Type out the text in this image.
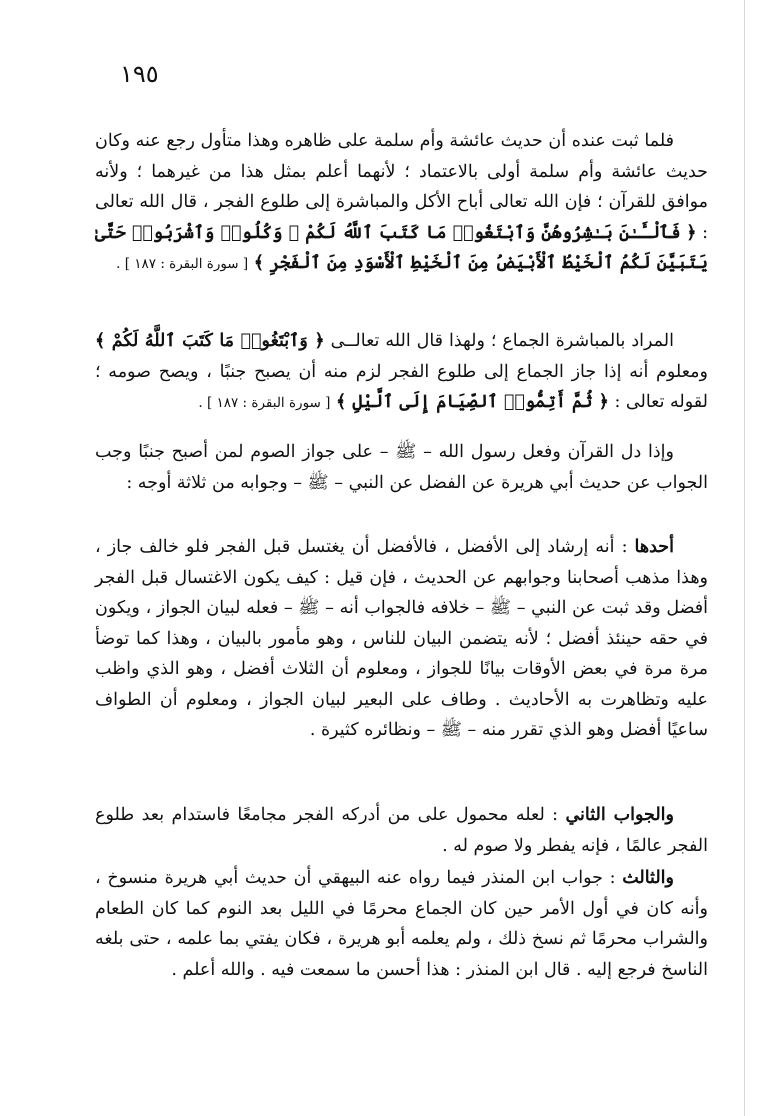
١٩٥

فلما ثبت عنده أن حديث عائشة وأم سلمة على ظاهره وهذا متأول رجع عنه وكان حديث عائشة وأم سلمة أولى بالاعتماد ؛ لأنهما أعلم بمثل هذا من غيرهما ؛ ولأنه موافق للقرآن ؛ فإن الله تعالى أباح الأكل والمباشرة إلى طلوع الفجر ، قال الله تعالى : ﴿ فَٱلْـَٔـٰنَ بَـٰشِرُوهُنَّ وَٱبْتَغُوا۟ مَا كَتَبَ ٱللَّهُ لَكُمْ ۚ وَكُلُوا۟ وَٱشْرَبُوا۟ حَتَّىٰ يَتَبَيَّنَ لَكُمُ ٱلْخَيْطُ ٱلْأَبْيَضُ مِنَ ٱلْخَيْطِ ٱلْأَسْوَدِ مِنَ ٱلْفَجْرِ ﴾ [ سورة البقرة : ١٨٧ ] .

المراد بالمباشرة الجماع ؛ ولهذا قال الله تعالــى ﴿ وَٱبْتَغُوا۟ مَا كَتَبَ ٱللَّهُ لَكُمْ ﴾ ومعلوم أنه إذا جاز الجماع إلى طلوع الفجر لزم منه أن يصبح جنبًا ، ويصح صومه ؛ لقوله تعالى : ﴿ ثُمَّ أَتِمُّوا۟ ٱلصِّيَامَ إِلَى ٱلَّيْلِ ﴾ [ سورة البقرة : ١٨٧ ] .

وإذا دل القرآن وفعل رسول الله – ﷺ – على جواز الصوم لمن أصبح جنبًا وجب الجواب عن حديث أبي هريرة عن الفضل عن النبي – ﷺ – وجوابه من ثلاثة أوجه :

أحدها : أنه إرشاد إلى الأفضل ، فالأفضل أن يغتسل قبل الفجر فلو خالف جاز ، وهذا مذهب أصحابنا وجوابهم عن الحديث ، فإن قيل : كيف يكون الاغتسال قبل الفجر أفضل وقد ثبت عن النبي – ﷺ – خلافه فالجواب أنه – ﷺ – فعله لبيان الجواز ، ويكون في حقه حينئذ أفضل ؛ لأنه يتضمن البيان للناس ، وهو مأمور بالبيان ، وهذا كما توضأ مرة مرة في بعض الأوقات بيانًا للجواز ، ومعلوم أن الثلاث أفضل ، وهو الذي واظب عليه وتظاهرت به الأحاديث . وطاف على البعير لبيان الجواز ، ومعلوم أن الطواف ساعيًا أفضل وهو الذي تقرر منه – ﷺ – ونظائره كثيرة .

والجواب الثاني : لعله محمول على من أدركه الفجر مجامعًا فاستدام بعد طلوع الفجر عالمًا ، فإنه يفطر ولا صوم له .

والثالث : جواب ابن المنذر فيما رواه عنه البيهقي أن حديث أبي هريرة منسوخ ، وأنه كان في أول الأمر حين كان الجماع محرمًا في الليل بعد النوم كما كان الطعام والشراب محرمًا ثم نسخ ذلك ، ولم يعلمه أبو هريرة ، فكان يفتي بما علمه ، حتى بلغه الناسخ فرجع إليه . قال ابن المنذر : هذا أحسن ما سمعت فيه . والله أعلم .
